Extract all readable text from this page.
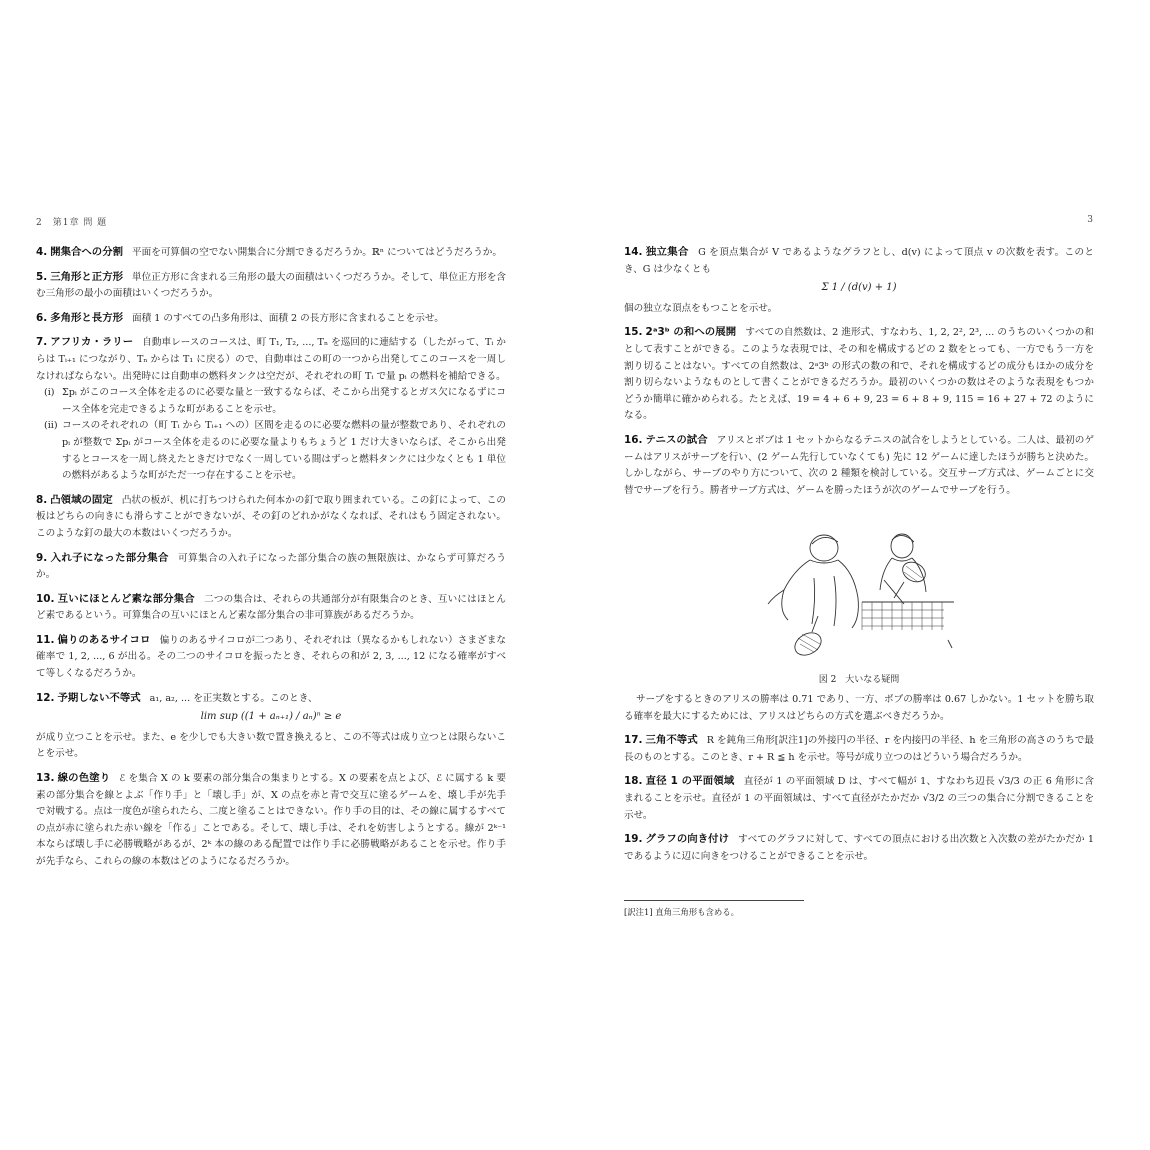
2　第1章 問 題

4. 開集合への分割 平面を可算個の空でない開集合に分割できるだろうか。ℝⁿ についてはどうだろうか。

5. 三角形と正方形 単位正方形に含まれる三角形の最大の面積はいくつだろうか。そして、単位正方形を含む三角形の最小の面積はいくつだろうか。

6. 多角形と長方形 面積 1 のすべての凸多角形は、面積 2 の長方形に含まれることを示せ。

7. アフリカ・ラリー 自動車レースのコースは、町 T₁, T₂, ..., Tₙ を巡回的に連結する（したがって、Tᵢ からは Tᵢ₊₁ につながり、Tₙ からは T₁ に戻る）ので、自動車はこの町の一つから出発してこのコースを一周しなければならない。出発時には自動車の燃料タンクは空だが、それぞれの町 Tᵢ で量 pᵢ の燃料を補給できる。

(i) Σpᵢ がこのコース全体を走るのに必要な量と一致するならば、そこから出発するとガス欠になるずにコース全体を完走できるような町があることを示せ。

(ii) コースのそれぞれの（町 Tᵢ から Tᵢ₊₁ への）区間を走るのに必要な燃料の量が整数であり、それぞれの pᵢ が整数で Σpᵢ がコース全体を走るのに必要な量よりもちょうど 1 だけ大きいならば、そこから出発するとコースを一周し終えたときだけでなく一周している間はずっと燃料タンクには少なくとも 1 単位の燃料があるような町がただ一つ存在することを示せ。

8. 凸領域の固定 凸状の板が、机に打ちつけられた何本かの釘で取り囲まれている。この釘によって、この板はどちらの向きにも滑らすことができないが、その釘のどれかがなくなれば、それはもう固定されない。このような釘の最大の本数はいくつだろうか。

9. 入れ子になった部分集合 可算集合の入れ子になった部分集合の族の無限族は、かならず可算だろうか。

10. 互いにほとんど素な部分集合 二つの集合は、それらの共通部分が有限集合のとき、互いにはほとんど素であるという。可算集合の互いにほとんど素な部分集合の非可算族があるだろうか。

11. 偏りのあるサイコロ 偏りのあるサイコロが二つあり、それぞれは（異なるかもしれない）さまざまな確率で 1, 2, ..., 6 が出る。その二つのサイコロを振ったとき、それらの和が 2, 3, ..., 12 になる確率がすべて等しくなるだろうか。

12. 予期しない不等式 a₁, a₂, ... を正実数とする。このとき、
lim sup ((1 + aₙ₊₁) / aₙ)ⁿ ≥ e
が成り立つことを示せ。また、e を少しでも大きい数で置き換えると、この不等式は成り立つとは限らないことを示せ。

13. 線の色塗り ℰ を集合 X の k 要素の部分集合の集まりとする。X の要素を点とよび、ℰ に属する k 要素の部分集合を線とよぶ「作り手」と「壊し手」が、X の点を赤と青で交互に塗るゲームを、壊し手が先手で対戦する。点は一度色が塗られたら、二度と塗ることはできない。作り手の目的は、その線に属するすべての点が赤に塗られた赤い線を「作る」ことである。そして、壊し手は、それを妨害しようとする。線が 2ᵏ⁻¹ 本ならば壊し手に必勝戦略があるが、2ᵏ 本の線のある配置では作り手に必勝戦略があることを示せ。作り手が先手なら、これらの線の本数はどのようになるだろうか。

3
14. 独立集合 G を頂点集合が V であるようなグラフとし、d(v) によって頂点 v の次数を表す。このとき、G は少なくとも
Σ 1 / (d(v) + 1)
個の独立な頂点をもつことを示せ。

15. 2ᵃ3ᵇ の和への展開 すべての自然数は、2 進形式、すなわち、1, 2, 2², 2³, ... のうちのいくつかの和として表すことができる。このような表現では、その和を構成するどの 2 数をとっても、一方でもう一方を割り切ることはない。すべての自然数は、2ᵃ3ᵇ の形式の数の和で、それを構成するどの成分もほかの成分を割り切らないようなものとして書くことができるだろうか。最初のいくつかの数はそのような表現をもつかどうか簡単に確かめられる。たとえば、19 = 4 + 6 + 9, 23 = 6 + 8 + 9, 115 = 16 + 27 + 72 のようになる。

16. テニスの試合 アリスとボブは 1 セットからなるテニスの試合をしようとしている。二人は、最初のゲームはアリスがサーブを行い、(2 ゲーム先行していなくても) 先に 12 ゲームに達したほうが勝ちと決めた。しかしながら、サーブのやり方について、次の 2 種類を検討している。交互サーブ方式は、ゲームごとに交替でサーブを行う。勝者サーブ方式は、ゲームを勝ったほうが次のゲームでサーブを行う。

図 2　大いなる疑問

サーブをするときのアリスの勝率は 0.71 であり、一方、ボブの勝率は 0.67 しかない。1 セットを勝ち取る確率を最大にするためには、アリスはどちらの方式を選ぶべきだろうか。

17. 三角不等式 R を鈍角三角形[訳注1]の外接円の半径、r を内接円の半径、h を三角形の高さのうちで最長のものとする。このとき、r + R ≦ h を示せ。等号が成り立つのはどういう場合だろうか。

18. 直径 1 の平面領域 直径が 1 の平面領域 D は、すべて幅が 1、すなわち辺長 √3/3 の正 6 角形に含まれることを示せ。直径が 1 の平面領域は、すべて直径がたかだか √3/2 の三つの集合に分割できることを示せ。

19. グラフの向き付け すべてのグラフに対して、すべての頂点における出次数と入次数の差がたかだか 1 であるように辺に向きをつけることができることを示せ。

[訳注1] 直角三角形も含める。
